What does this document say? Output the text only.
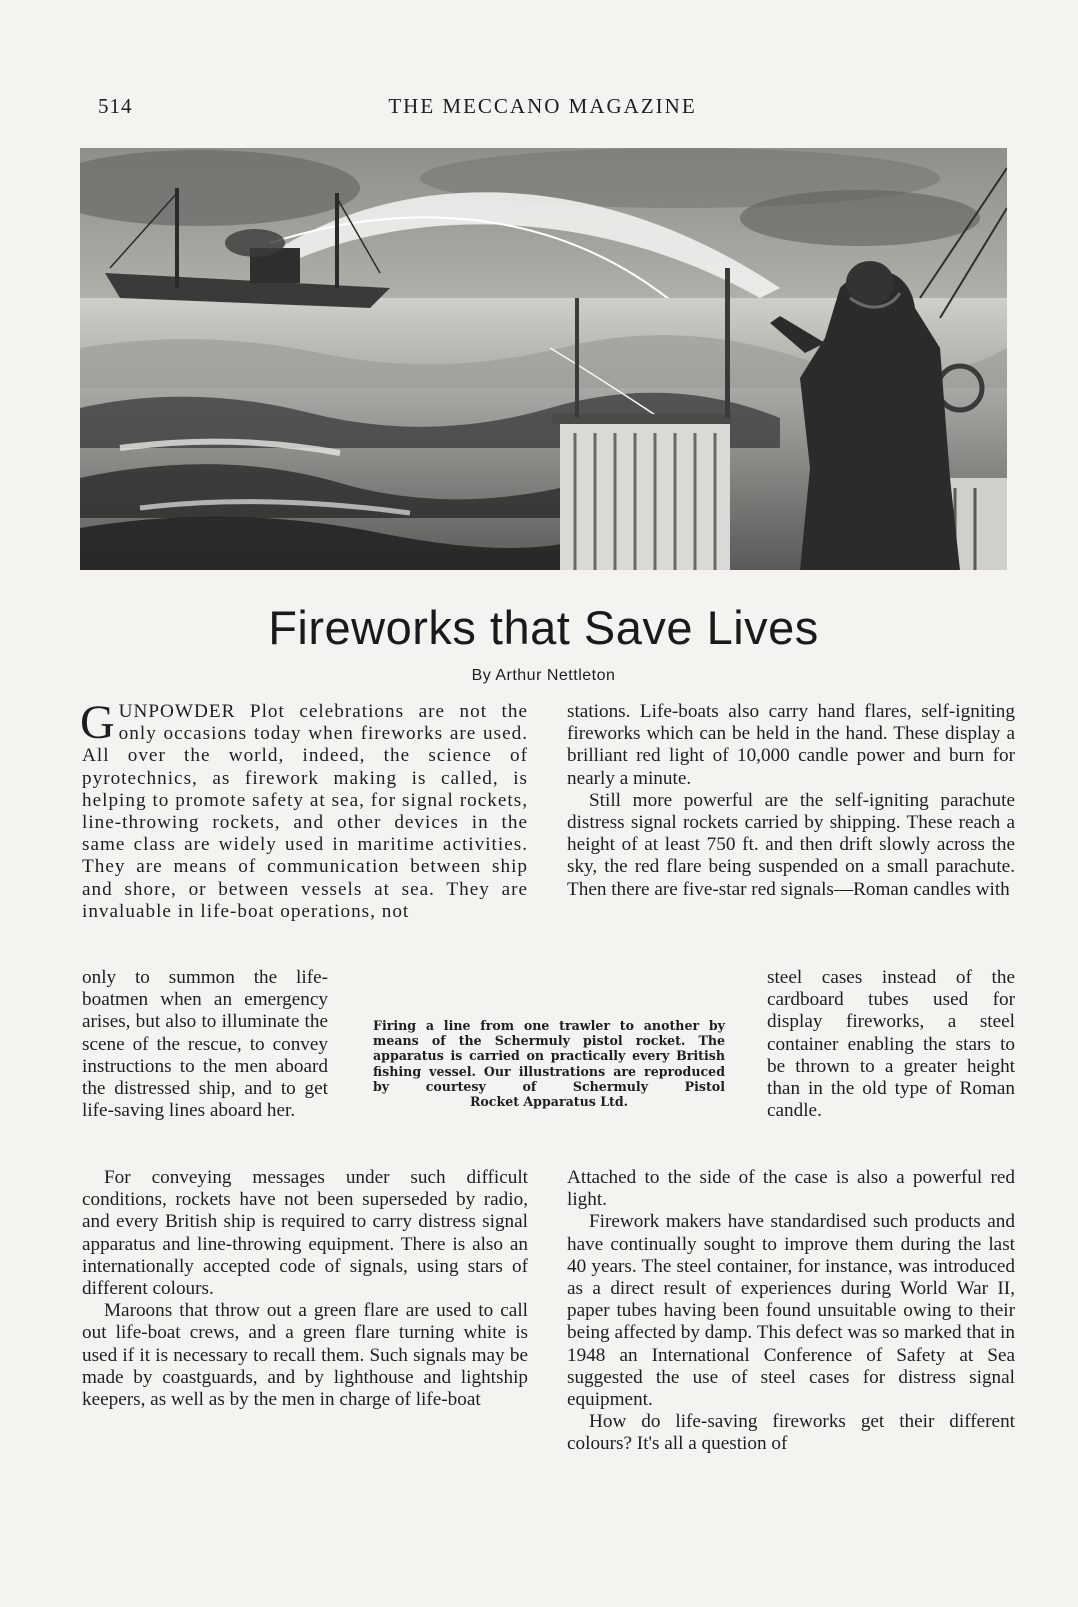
514	THE MECCANO MAGAZINE
Fireworks that Save Lives
By Arthur Nettleton

GUNPOWDER Plot celebrations are not the only occasions today when fireworks are used. All over the world, indeed, the science of pyrotechnics, as firework making is called, is helping to promote safety at sea, for signal rockets, line-throwing rockets, and other devices in the same class are widely used in maritime activities. They are means of communication between ship and shore, or between vessels at sea. They are invaluable in life-boat operations, not

only to summon the life-boatmen when an emergency arises, but also to illuminate the scene of the rescue, to convey instructions to the men aboard the distressed ship, and to get life-saving lines aboard her.

Firing a line from one trawler to another by means of the Schermuly pistol rocket. The apparatus is carried on practically every British fishing vessel. Our illustrations are reproduced by courtesy of Schermuly Pistol
Rocket Apparatus Ltd.

For conveying messages under such difficult conditions, rockets have not been superseded by radio, and every British ship is required to carry distress signal apparatus and line-throwing equipment. There is also an internationally accepted code of signals, using stars of different colours.

Maroons that throw out a green flare are used to call out life-boat crews, and a green flare turning white is used if it is necessary to recall them. Such signals may be made by coastguards, and by lighthouse and lightship keepers, as well as by the men in charge of life-boat

stations. Life-boats also carry hand flares, self-igniting fireworks which can be held in the hand. These display a brilliant red light of 10,000 candle power and burn for nearly a minute.

Still more powerful are the self-igniting parachute distress signal rockets carried by shipping. These reach a height of at least 750 ft. and then drift slowly across the sky, the red flare being suspended on a small parachute. Then there are five-star red signals—Roman candles with

steel cases instead of the cardboard tubes used for display fireworks, a steel container enabling the stars to be thrown to a greater height than in the old type of Roman candle.

Attached to the side of the case is also a powerful red light.

Firework makers have standardised such products and have continually sought to improve them during the last 40 years. The steel container, for instance, was introduced as a direct result of experiences during World War II, paper tubes having been found unsuitable owing to their being affected by damp. This defect was so marked that in 1948 an International Conference of Safety at Sea suggested the use of steel cases for distress signal equipment.

How do life-saving fireworks get their different colours? It's all a question of
